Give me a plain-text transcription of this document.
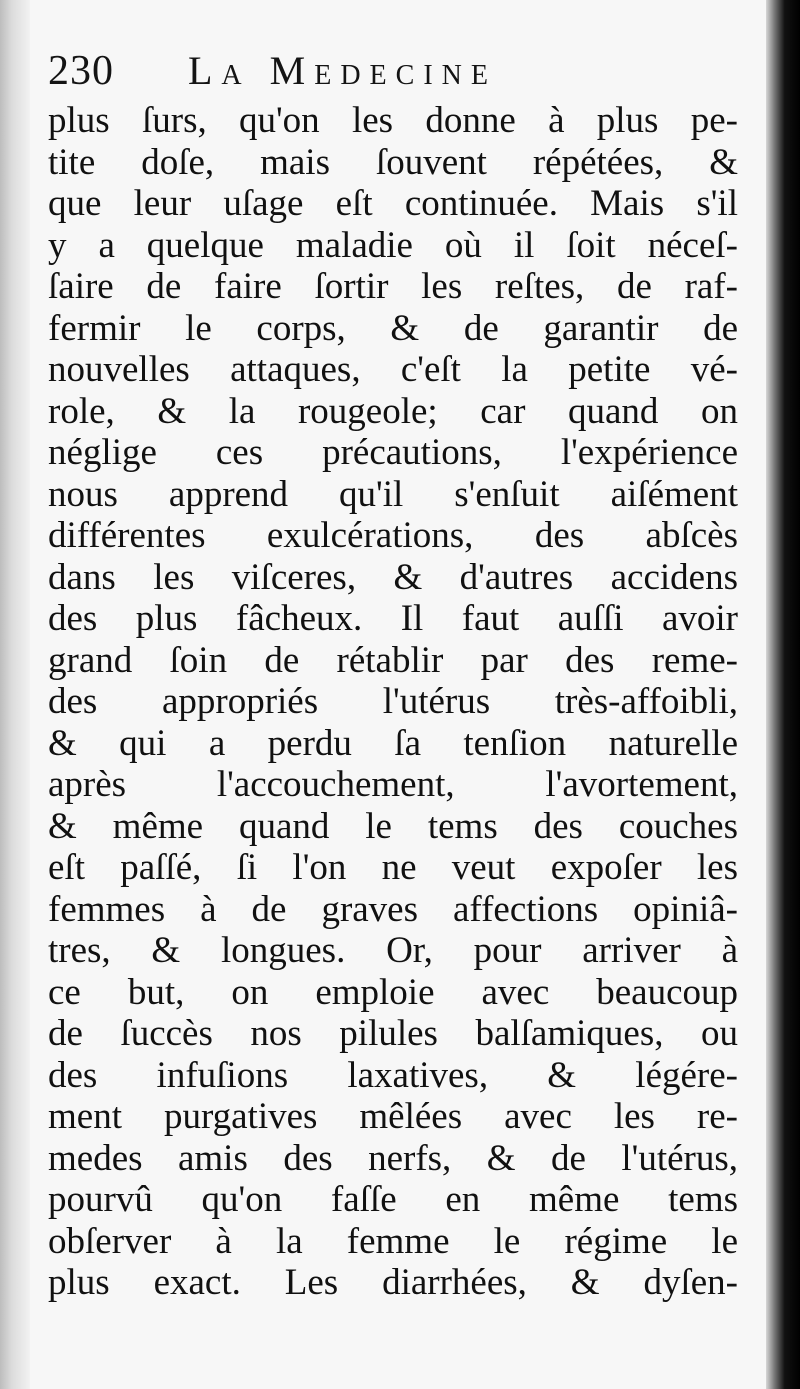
230 La Medecine
plus ſurs, qu'on les donne à plus pe-
tite doſe, mais ſouvent répétées, &
que leur uſage eſt continuée. Mais s'il
y a quelque maladie où il ſoit néceſ-
ſaire de faire ſortir les reſtes, de raf-
fermir le corps, & de garantir de
nouvelles attaques, c'eſt la petite vé-
role, & la rougeole; car quand on
néglige ces précautions, l'expérience
nous apprend qu'il s'enſuit aiſément
différentes exulcérations, des abſcès
dans les viſceres, & d'autres accidens
des plus fâcheux. Il faut auſſi avoir
grand ſoin de rétablir par des reme-
des appropriés l'utérus très-affoibli,
& qui a perdu ſa tenſion naturelle
après l'accouchement, l'avortement,
& même quand le tems des couches
eſt paſſé, ſi l'on ne veut expoſer les
femmes à de graves affections opiniâ-
tres, & longues. Or, pour arriver à
ce but, on emploie avec beaucoup
de ſuccès nos pilules balſamiques, ou
des infuſions laxatives, & légére-
ment purgatives mêlées avec les re-
medes amis des nerfs, & de l'utérus,
pourvû qu'on faſſe en même tems
obſerver à la femme le régime le
plus exact. Les diarrhées, & dyſen-
